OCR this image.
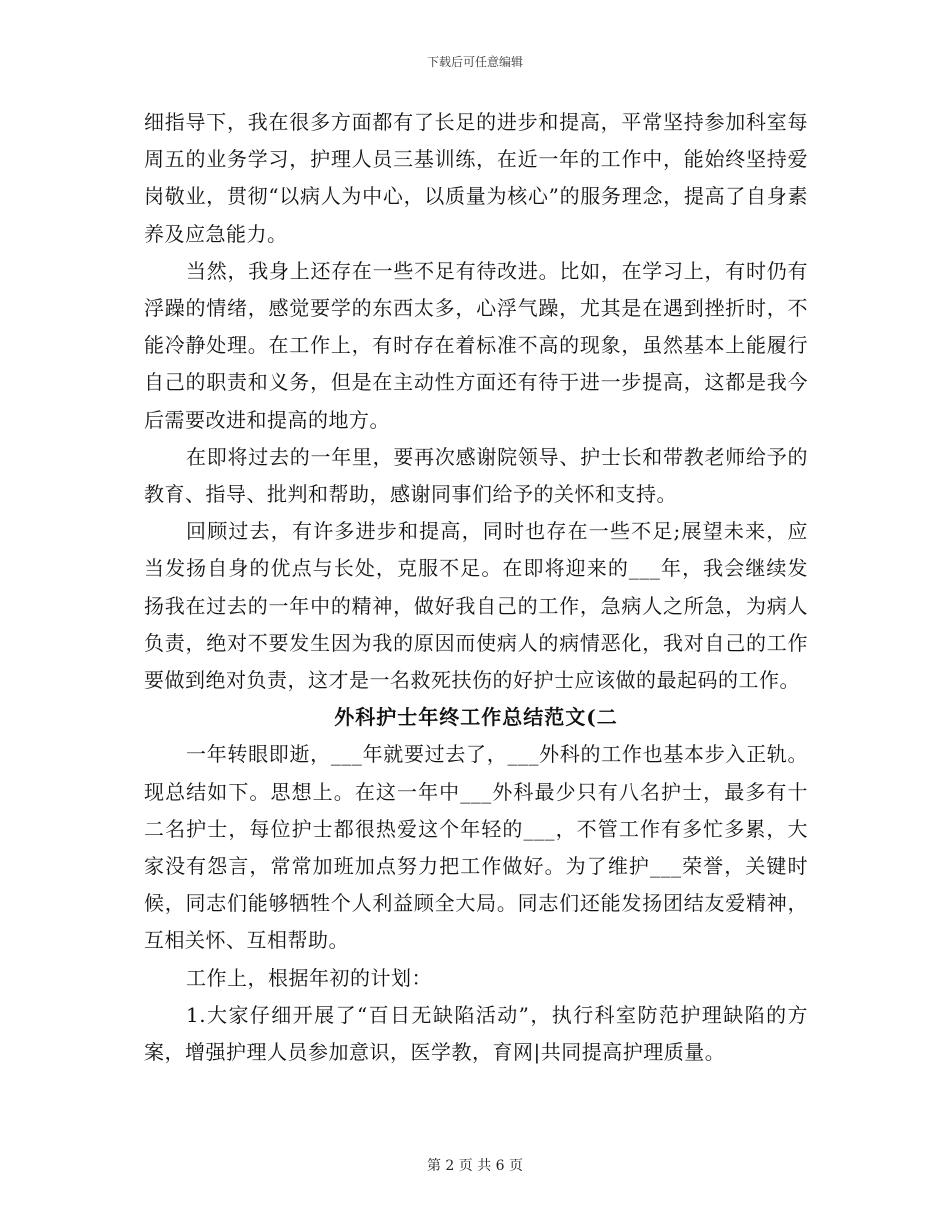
下载后可任意编辑

细指导下，我在很多方面都有了长足的进步和提高，平常坚持参加科室每周五的业务学习，护理人员三基训练，在近一年的工作中，能始终坚持爱岗敬业，贯彻“以病人为中心，以质量为核心”的服务理念，提高了自身素养及应急能力。

当然，我身上还存在一些不足有待改进。比如，在学习上，有时仍有浮躁的情绪，感觉要学的东西太多，心浮气躁，尤其是在遇到挫折时，不能冷静处理。在工作上，有时存在着标准不高的现象，虽然基本上能履行自己的职责和义务，但是在主动性方面还有待于进一步提高，这都是我今后需要改进和提高的地方。

在即将过去的一年里，要再次感谢院领导、护士长和带教老师给予的教育、指导、批判和帮助，感谢同事们给予的关怀和支持。

回顾过去，有许多进步和提高，同时也存在一些不足;展望未来，应当发扬自身的优点与长处，克服不足。在即将迎来的___年，我会继续发扬我在过去的一年中的精神，做好我自己的工作，急病人之所急，为病人负责，绝对不要发生因为我的原因而使病人的病情恶化，我对自己的工作要做到绝对负责，这才是一名救死扶伤的好护士应该做的最起码的工作。

外科护士年终工作总结范文(二

一年转眼即逝，___年就要过去了，___外科的工作也基本步入正轨。现总结如下。思想上。在这一年中___外科最少只有八名护士，最多有十二名护士，每位护士都很热爱这个年轻的___，不管工作有多忙多累，大家没有怨言，常常加班加点努力把工作做好。为了维护___荣誉，关键时候，同志们能够牺牲个人利益顾全大局。同志们还能发扬团结友爱精神，互相关怀、互相帮助。

工作上，根据年初的计划：

1.大家仔细开展了“百日无缺陷活动”，执行科室防范护理缺陷的方案，增强护理人员参加意识，医学教，育网|共同提高护理质量。

第 2 页 共 6 页
